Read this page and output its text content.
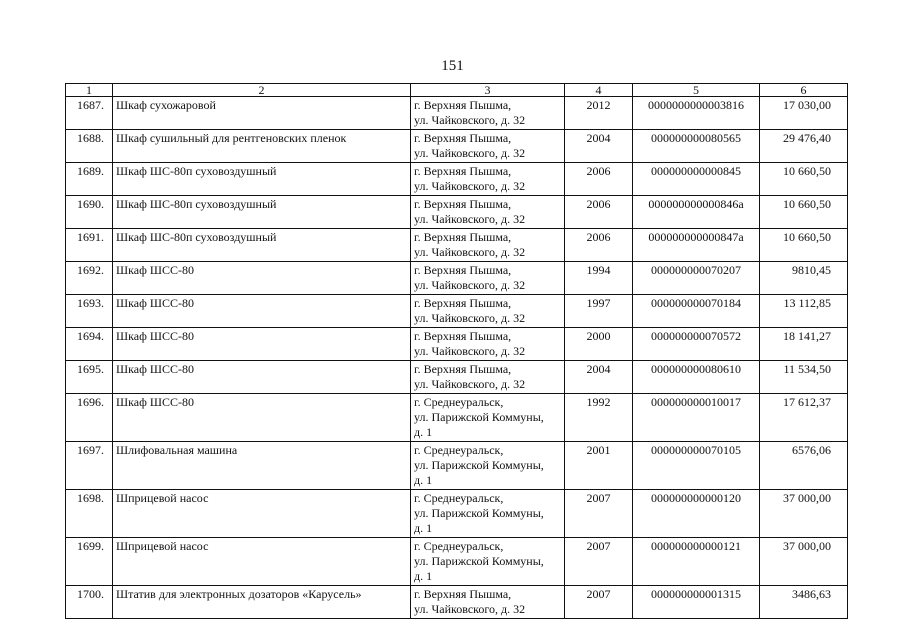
151
1	2	3	4	5	6
1687.	Шкаф сухожаровой	г. Верхняя Пышма,
ул. Чайковского, д. 32	2012	0000000000003816	17 030,00
1688.	Шкаф сушильный для рентгеновских пленок	г. Верхняя Пышма,
ул. Чайковского, д. 32	2004	000000000080565	29 476,40
1689.	Шкаф ШС-80п суховоздушный	г. Верхняя Пышма,
ул. Чайковского, д. 32	2006	000000000000845	10 660,50
1690.	Шкаф ШС-80п суховоздушный	г. Верхняя Пышма,
ул. Чайковского, д. 32	2006	000000000000846а	10 660,50
1691.	Шкаф ШС-80п суховоздушный	г. Верхняя Пышма,
ул. Чайковского, д. 32	2006	000000000000847а	10 660,50
1692.	Шкаф ШСС-80	г. Верхняя Пышма,
ул. Чайковского, д. 32	1994	000000000070207	9810,45
1693.	Шкаф ШСС-80	г. Верхняя Пышма,
ул. Чайковского, д. 32	1997	000000000070184	13 112,85
1694.	Шкаф ШСС-80	г. Верхняя Пышма,
ул. Чайковского, д. 32	2000	000000000070572	18 141,27
1695.	Шкаф ШСС-80	г. Верхняя Пышма,
ул. Чайковского, д. 32	2004	000000000080610	11 534,50
1696.	Шкаф ШСС-80	г. Среднеуральск,
ул. Парижской Коммуны,
д. 1	1992	000000000010017	17 612,37
1697.	Шлифовальная машина	г. Среднеуральск,
ул. Парижской Коммуны,
д. 1	2001	000000000070105	6576,06
1698.	Шприцевой насос	г. Среднеуральск,
ул. Парижской Коммуны,
д. 1	2007	000000000000120	37 000,00
1699.	Шприцевой насос	г. Среднеуральск,
ул. Парижской Коммуны,
д. 1	2007	000000000000121	37 000,00
1700.	Штатив для электронных дозаторов «Карусель»	г. Верхняя Пышма,
ул. Чайковского, д. 32	2007	000000000001315	3486,63
